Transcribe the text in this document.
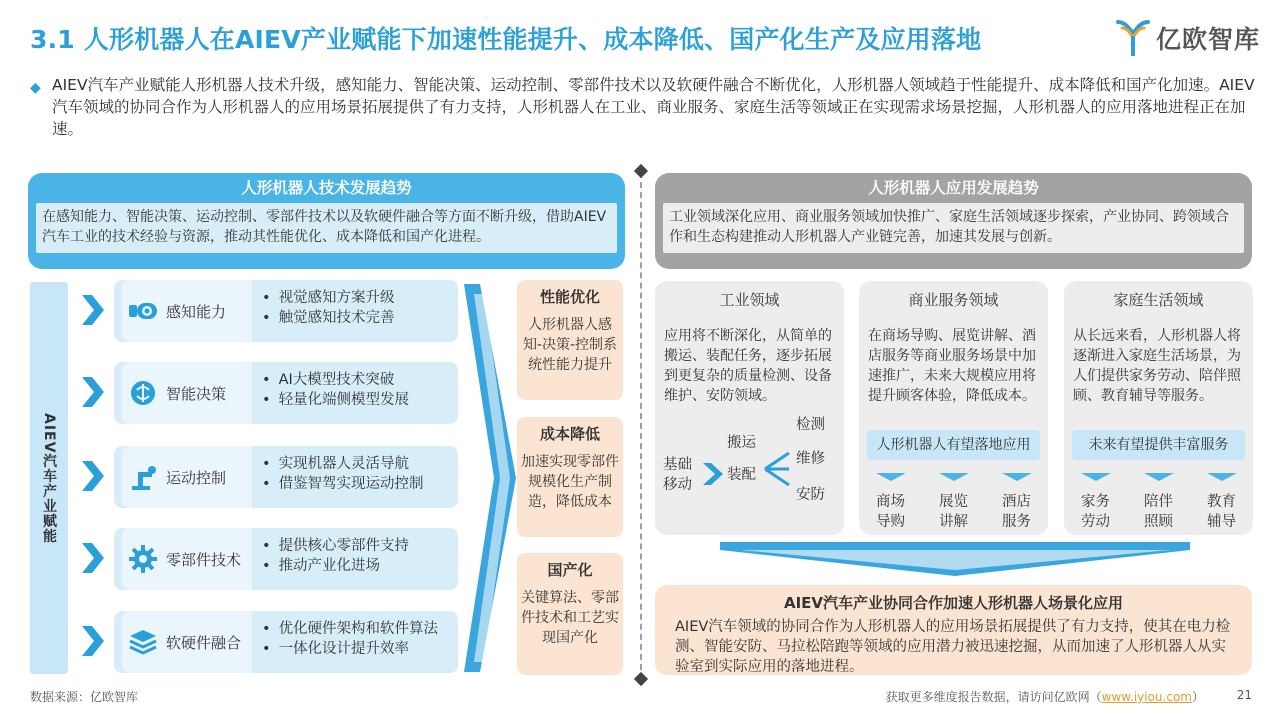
3.1 人形机器人在AIEV产业赋能下加速性能提升、成本降低、国产化生产及应用落地	亿欧智库
◆ AIEV汽车产业赋能人形机器人技术升级，感知能力、智能决策、运动控制、零部件技术以及软硬件融合不断优化，人形机器人领域趋于性能提升、成本降低和国产化加速。AIEV汽车领域的协同合作为人形机器人的应用场景拓展提供了有力支持，人形机器人在工业、商业服务、家庭生活等领域正在实现需求场景挖掘，人形机器人的应用落地进程正在加速。
人形机器人技术发展趋势
在感知能力、智能决策、运动控制、零部件技术以及软硬件融合等方面不断升级，借助AIEV汽车工业的技术经验与资源，推动其性能优化、成本降低和国产化进程。
AIEV汽车产业赋能
感知能力
• 视觉感知方案升级
• 触觉感知技术完善
智能决策
• AI大模型技术突破
• 轻量化端侧模型发展
运动控制
• 实现机器人灵活导航
• 借鉴智驾实现运动控制
零部件技术
• 提供核心零部件支持
• 推动产业化进场
软硬件融合
• 优化硬件架构和软件算法
• 一体化设计提升效率
性能优化
人形机器人感知-决策-控制系统性能力提升
成本降低
加速实现零部件规模化生产制造，降低成本
国产化
关键算法、零部件技术和工艺实现国产化
人形机器人应用发展趋势
工业领域深化应用、商业服务领域加快推广、家庭生活领域逐步探索，产业协同、跨领域合作和生态构建推动人形机器人产业链完善，加速其发展与创新。
工业领域
应用将不断深化，从简单的搬运、装配任务，逐步拓展到更复杂的质量检测、设备维护、安防领域。
基础
移动
搬运
装配
检测
维修
安防
商业服务领域
在商场导购、展览讲解、酒店服务等商业服务场景中加速推广，未来大规模应用将提升顾客体验，降低成本。
人形机器人有望落地应用
商场
导购
展览
讲解
酒店
服务
家庭生活领域
从长远来看，人形机器人将逐渐进入家庭生活场景，为人们提供家务劳动、陪伴照顾、教育辅导等服务。
未来有望提供丰富服务
家务
劳动
陪伴
照顾
教育
辅导
AIEV汽车产业协同合作加速人形机器人场景化应用
AIEV汽车领域的协同合作为人形机器人的应用场景拓展提供了有力支持，使其在电力检测、智能安防、马拉松陪跑等领域的应用潜力被迅速挖掘，从而加速了人形机器人从实验室到实际应用的落地进程。
数据来源：亿欧智库	获取更多维度报告数据，请访问亿欧网（www.iyiou.com）	21
